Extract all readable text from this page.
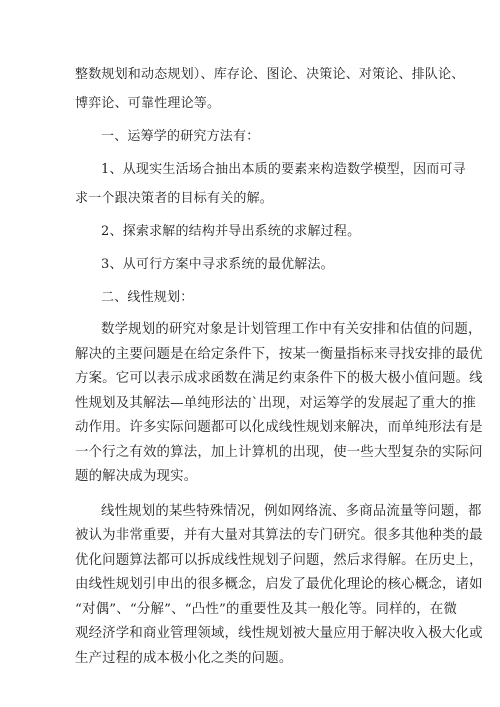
整数规划和动态规划）、库存论、图论、决策论、对策论、排队论、
博弈论、可靠性理论等。
一、运筹学的研究方法有：
1、从现实生活场合抽出本质的要素来构造数学模型，因而可寻
求一个跟决策者的目标有关的解。
2、探索求解的结构并导出系统的求解过程。
3、从可行方案中寻求系统的最优解法。
二、线性规划：
数学规划的研究对象是计划管理工作中有关安排和估值的问题，
解决的主要问题是在给定条件下，按某一衡量指标来寻找安排的最优
方案。它可以表示成求函数在满足约束条件下的极大极小值问题。线
性规划及其解法—单纯形法的`出现，对运筹学的发展起了重大的推
动作用。许多实际问题都可以化成线性规划来解决，而单纯形法有是
一个行之有效的算法，加上计算机的出现，使一些大型复杂的实际问
题的解决成为现实。
线性规划的某些特殊情况，例如网络流、多商品流量等问题，都
被认为非常重要，并有大量对其算法的专门研究。很多其他种类的最
优化问题算法都可以拆成线性规划子问题，然后求得解。在历史上，
由线性规划引申出的很多概念，启发了最优化理论的核心概念，诸如
“对偶”、“分解”、“凸性”的重要性及其一般化等。同样的，在微
观经济学和商业管理领域，线性规划被大量应用于解决收入极大化或
生产过程的成本极小化之类的问题。
